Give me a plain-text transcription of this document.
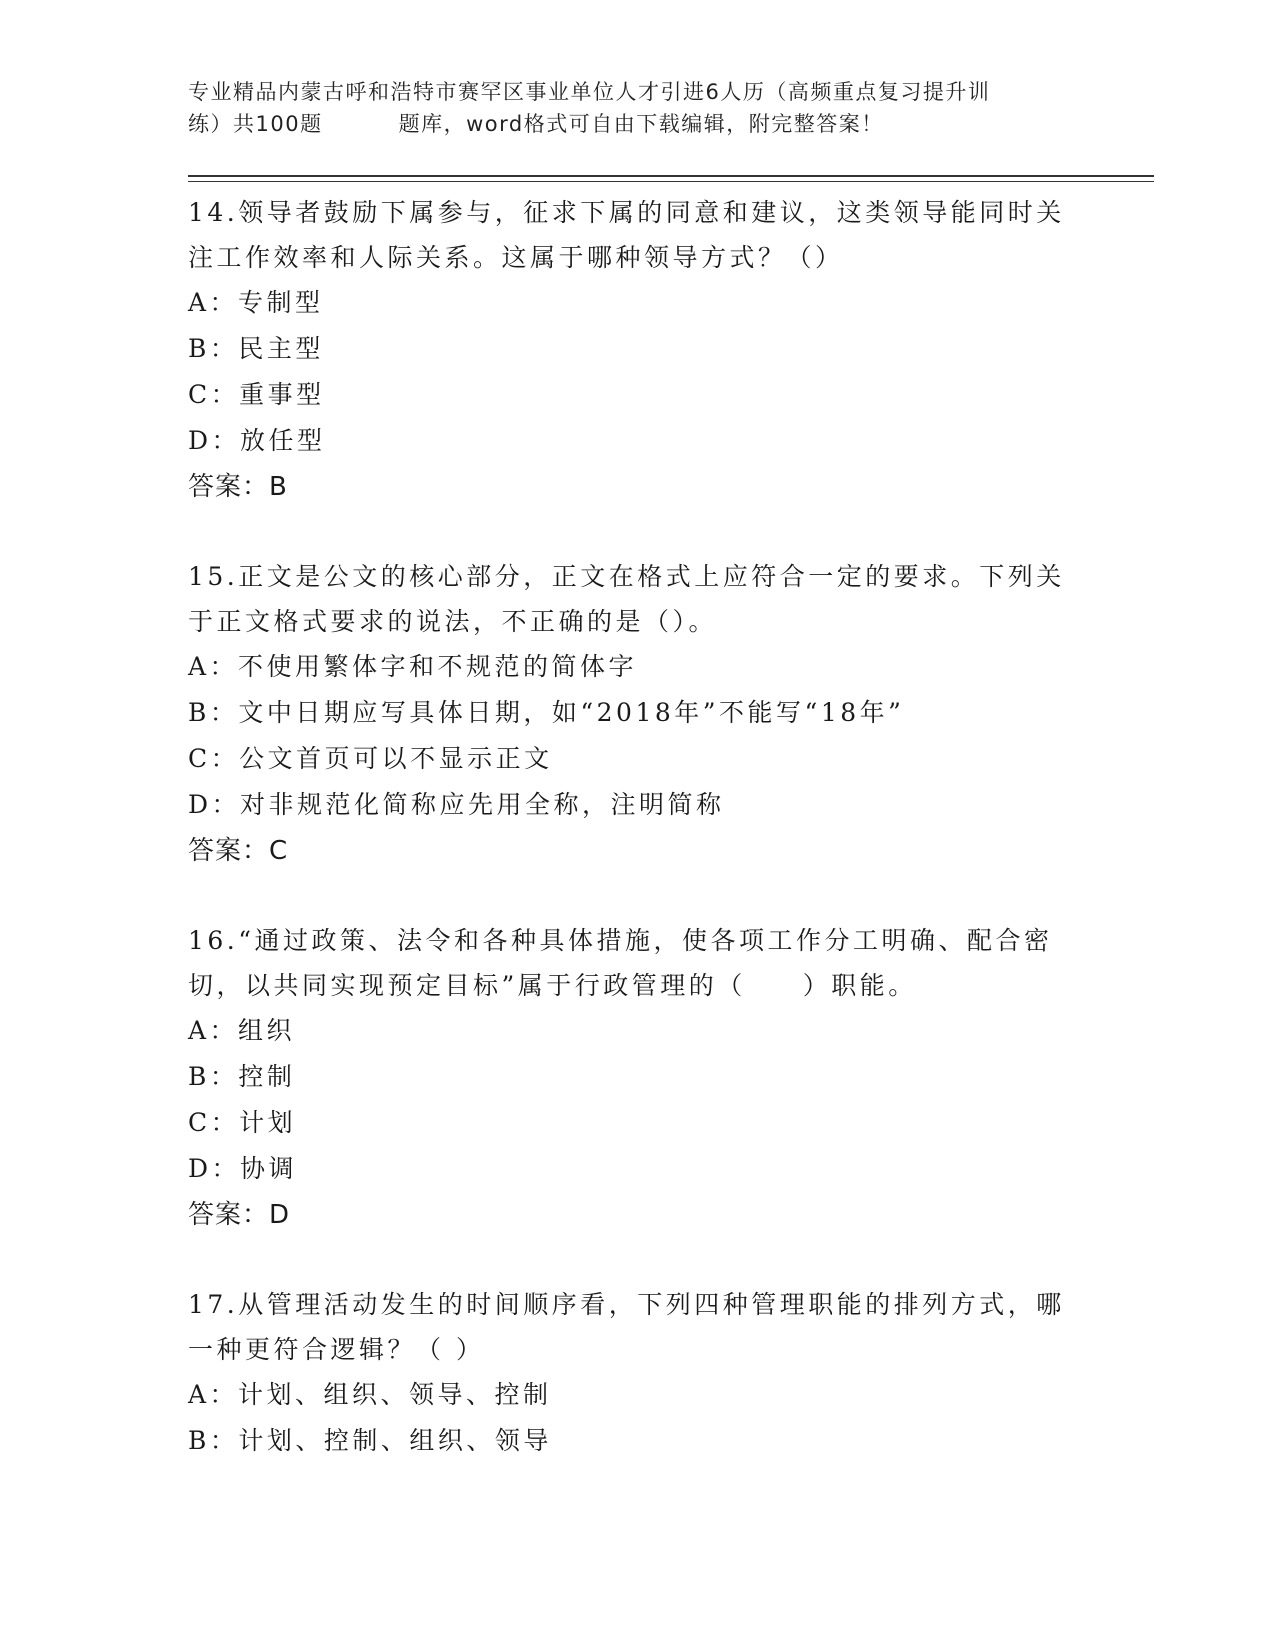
专业精品内蒙古呼和浩特市赛罕区事业单位人才引进6人历（高频重点复习提升训
练）共100题	题库，word格式可自由下载编辑，附完整答案！
14.领导者鼓励下属参与，征求下属的同意和建议，这类领导能同时关
注工作效率和人际关系。这属于哪种领导方式？（）
A：专制型
B：民主型
C：重事型
D：放任型
答案：B
15.正文是公文的核心部分，正文在格式上应符合一定的要求。下列关
于正文格式要求的说法，不正确的是（）。
A：不使用繁体字和不规范的简体字
B：文中日期应写具体日期，如“2018年”不能写“18年”
C：公文首页可以不显示正文
D：对非规范化简称应先用全称，注明简称
答案：C
16.“通过政策、法令和各种具体措施，使各项工作分工明确、配合密
切，以共同实现预定目标”属于行政管理的（　　）职能。
A：组织
B：控制
C：计划
D：协调
答案：D
17.从管理活动发生的时间顺序看，下列四种管理职能的排列方式，哪
一种更符合逻辑？（ ）
A：计划、组织、领导、控制
B：计划、控制、组织、领导
